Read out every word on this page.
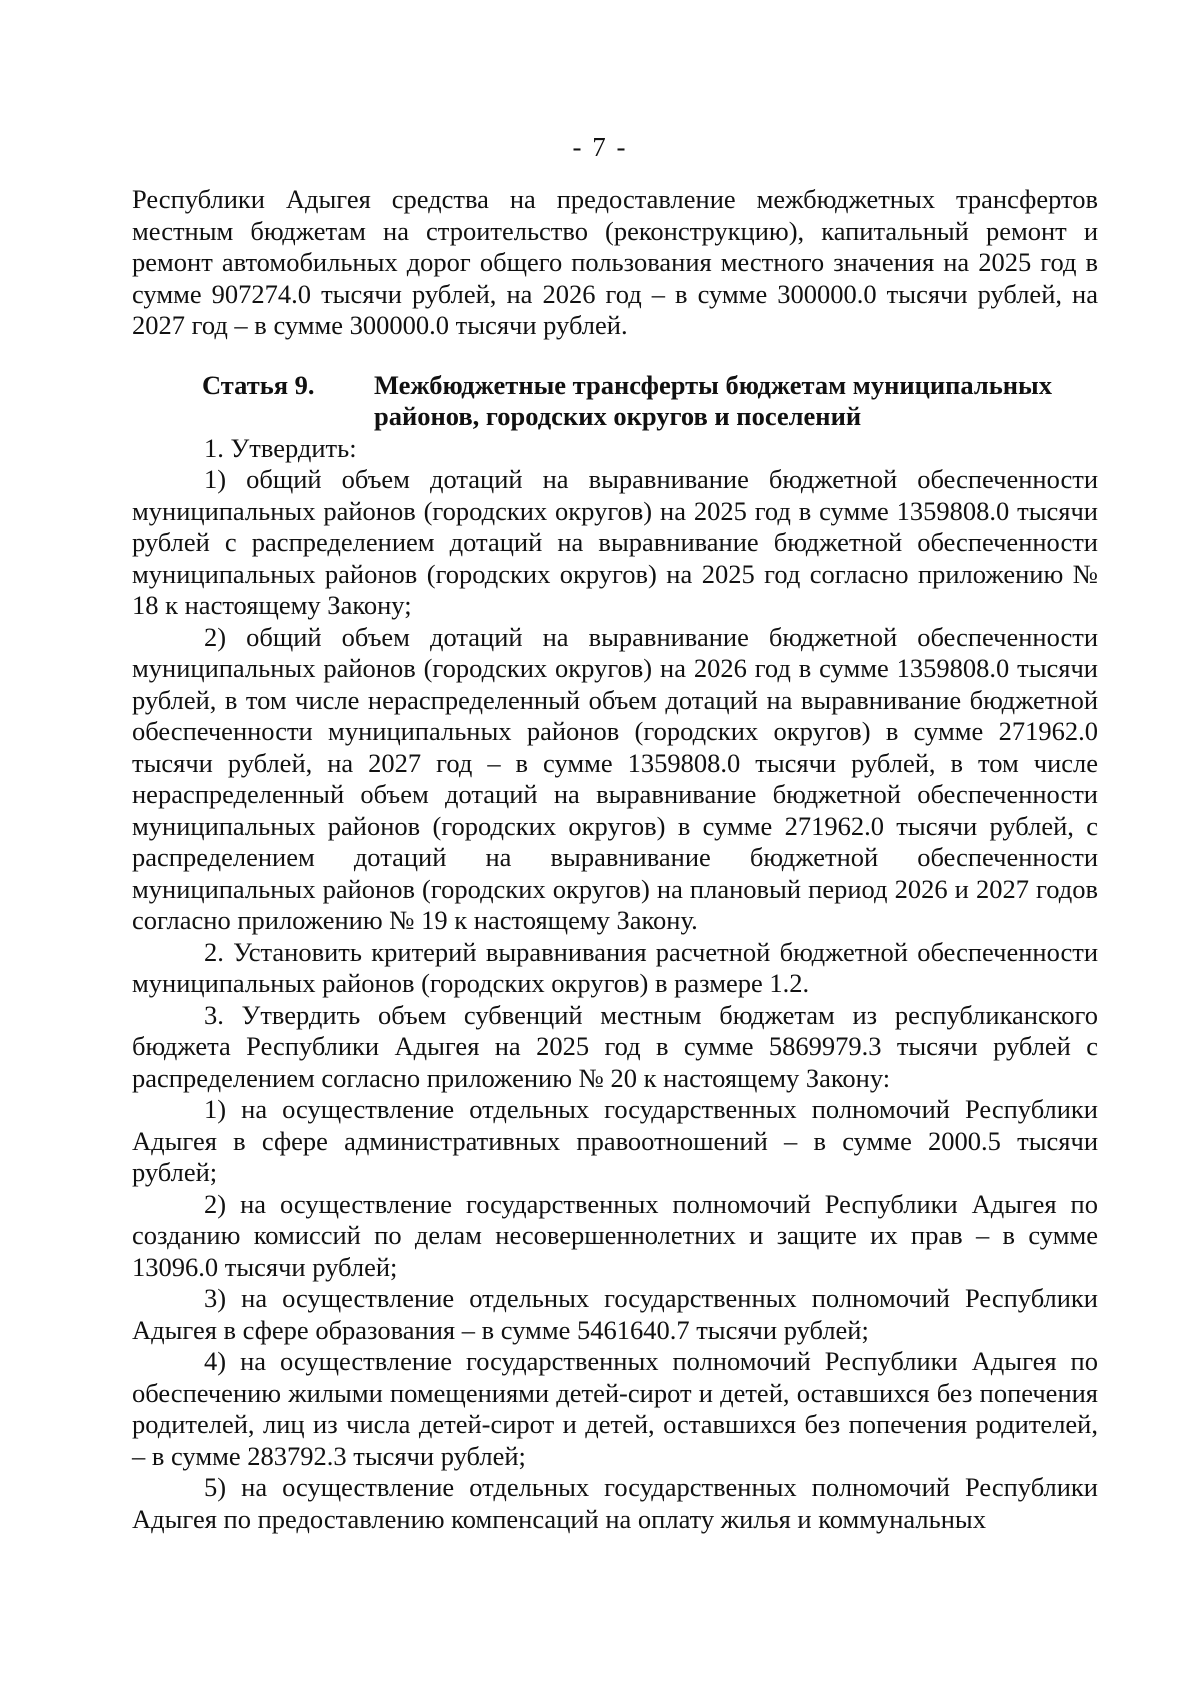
- 7 -

Республики Адыгея средства на предоставление межбюджетных трансфертов местным бюджетам на строительство (реконструкцию), капитальный ремонт и ремонт автомобильных дорог общего пользования местного значения на 2025 год в сумме 907274.0 тысячи рублей, на 2026 год – в сумме 300000.0 тысячи рублей, на 2027 год – в сумме 300000.0 тысячи рублей.

Статья 9.	Межбюджетные трансферты бюджетам муниципальных районов, городских округов и поселений

1. Утвердить:

1) общий объем дотаций на выравнивание бюджетной обеспеченности муниципальных районов (городских округов) на 2025 год в сумме 1359808.0 тысячи рублей с распределением дотаций на выравнивание бюджетной обеспеченности муниципальных районов (городских округов) на 2025 год согласно приложению № 18 к настоящему Закону;

2) общий объем дотаций на выравнивание бюджетной обеспеченности муниципальных районов (городских округов) на 2026 год в сумме 1359808.0 тысячи рублей, в том числе нераспределенный объем дотаций на выравнивание бюджетной обеспеченности муниципальных районов (городских округов) в сумме 271962.0 тысячи рублей, на 2027 год – в сумме 1359808.0 тысячи рублей, в том числе нераспределенный объем дотаций на выравнивание бюджетной обеспеченности муниципальных районов (городских округов) в сумме 271962.0 тысячи рублей, с распределением дотаций на выравнивание бюджетной обеспеченности муниципальных районов (городских округов) на плановый период 2026 и 2027 годов согласно приложению № 19 к настоящему Закону.

2. Установить критерий выравнивания расчетной бюджетной обеспеченности муниципальных районов (городских округов) в размере 1.2.

3. Утвердить объем субвенций местным бюджетам из республиканского бюджета Республики Адыгея на 2025 год в сумме 5869979.3 тысячи рублей с распределением согласно приложению № 20 к настоящему Закону:

1) на осуществление отдельных государственных полномочий Республики Адыгея в сфере административных правоотношений – в сумме 2000.5 тысячи рублей;

2) на осуществление государственных полномочий Республики Адыгея по созданию комиссий по делам несовершеннолетних и защите их прав – в сумме 13096.0 тысячи рублей;

3) на осуществление отдельных государственных полномочий Республики Адыгея в сфере образования – в сумме 5461640.7 тысячи рублей;

4) на осуществление государственных полномочий Республики Адыгея по обеспечению жилыми помещениями детей-сирот и детей, оставшихся без попечения родителей, лиц из числа детей-сирот и детей, оставшихся без попечения родителей, – в сумме 283792.3 тысячи рублей;

5) на осуществление отдельных государственных полномочий Республики Адыгея по предоставлению компенсаций на оплату жилья и коммунальных
